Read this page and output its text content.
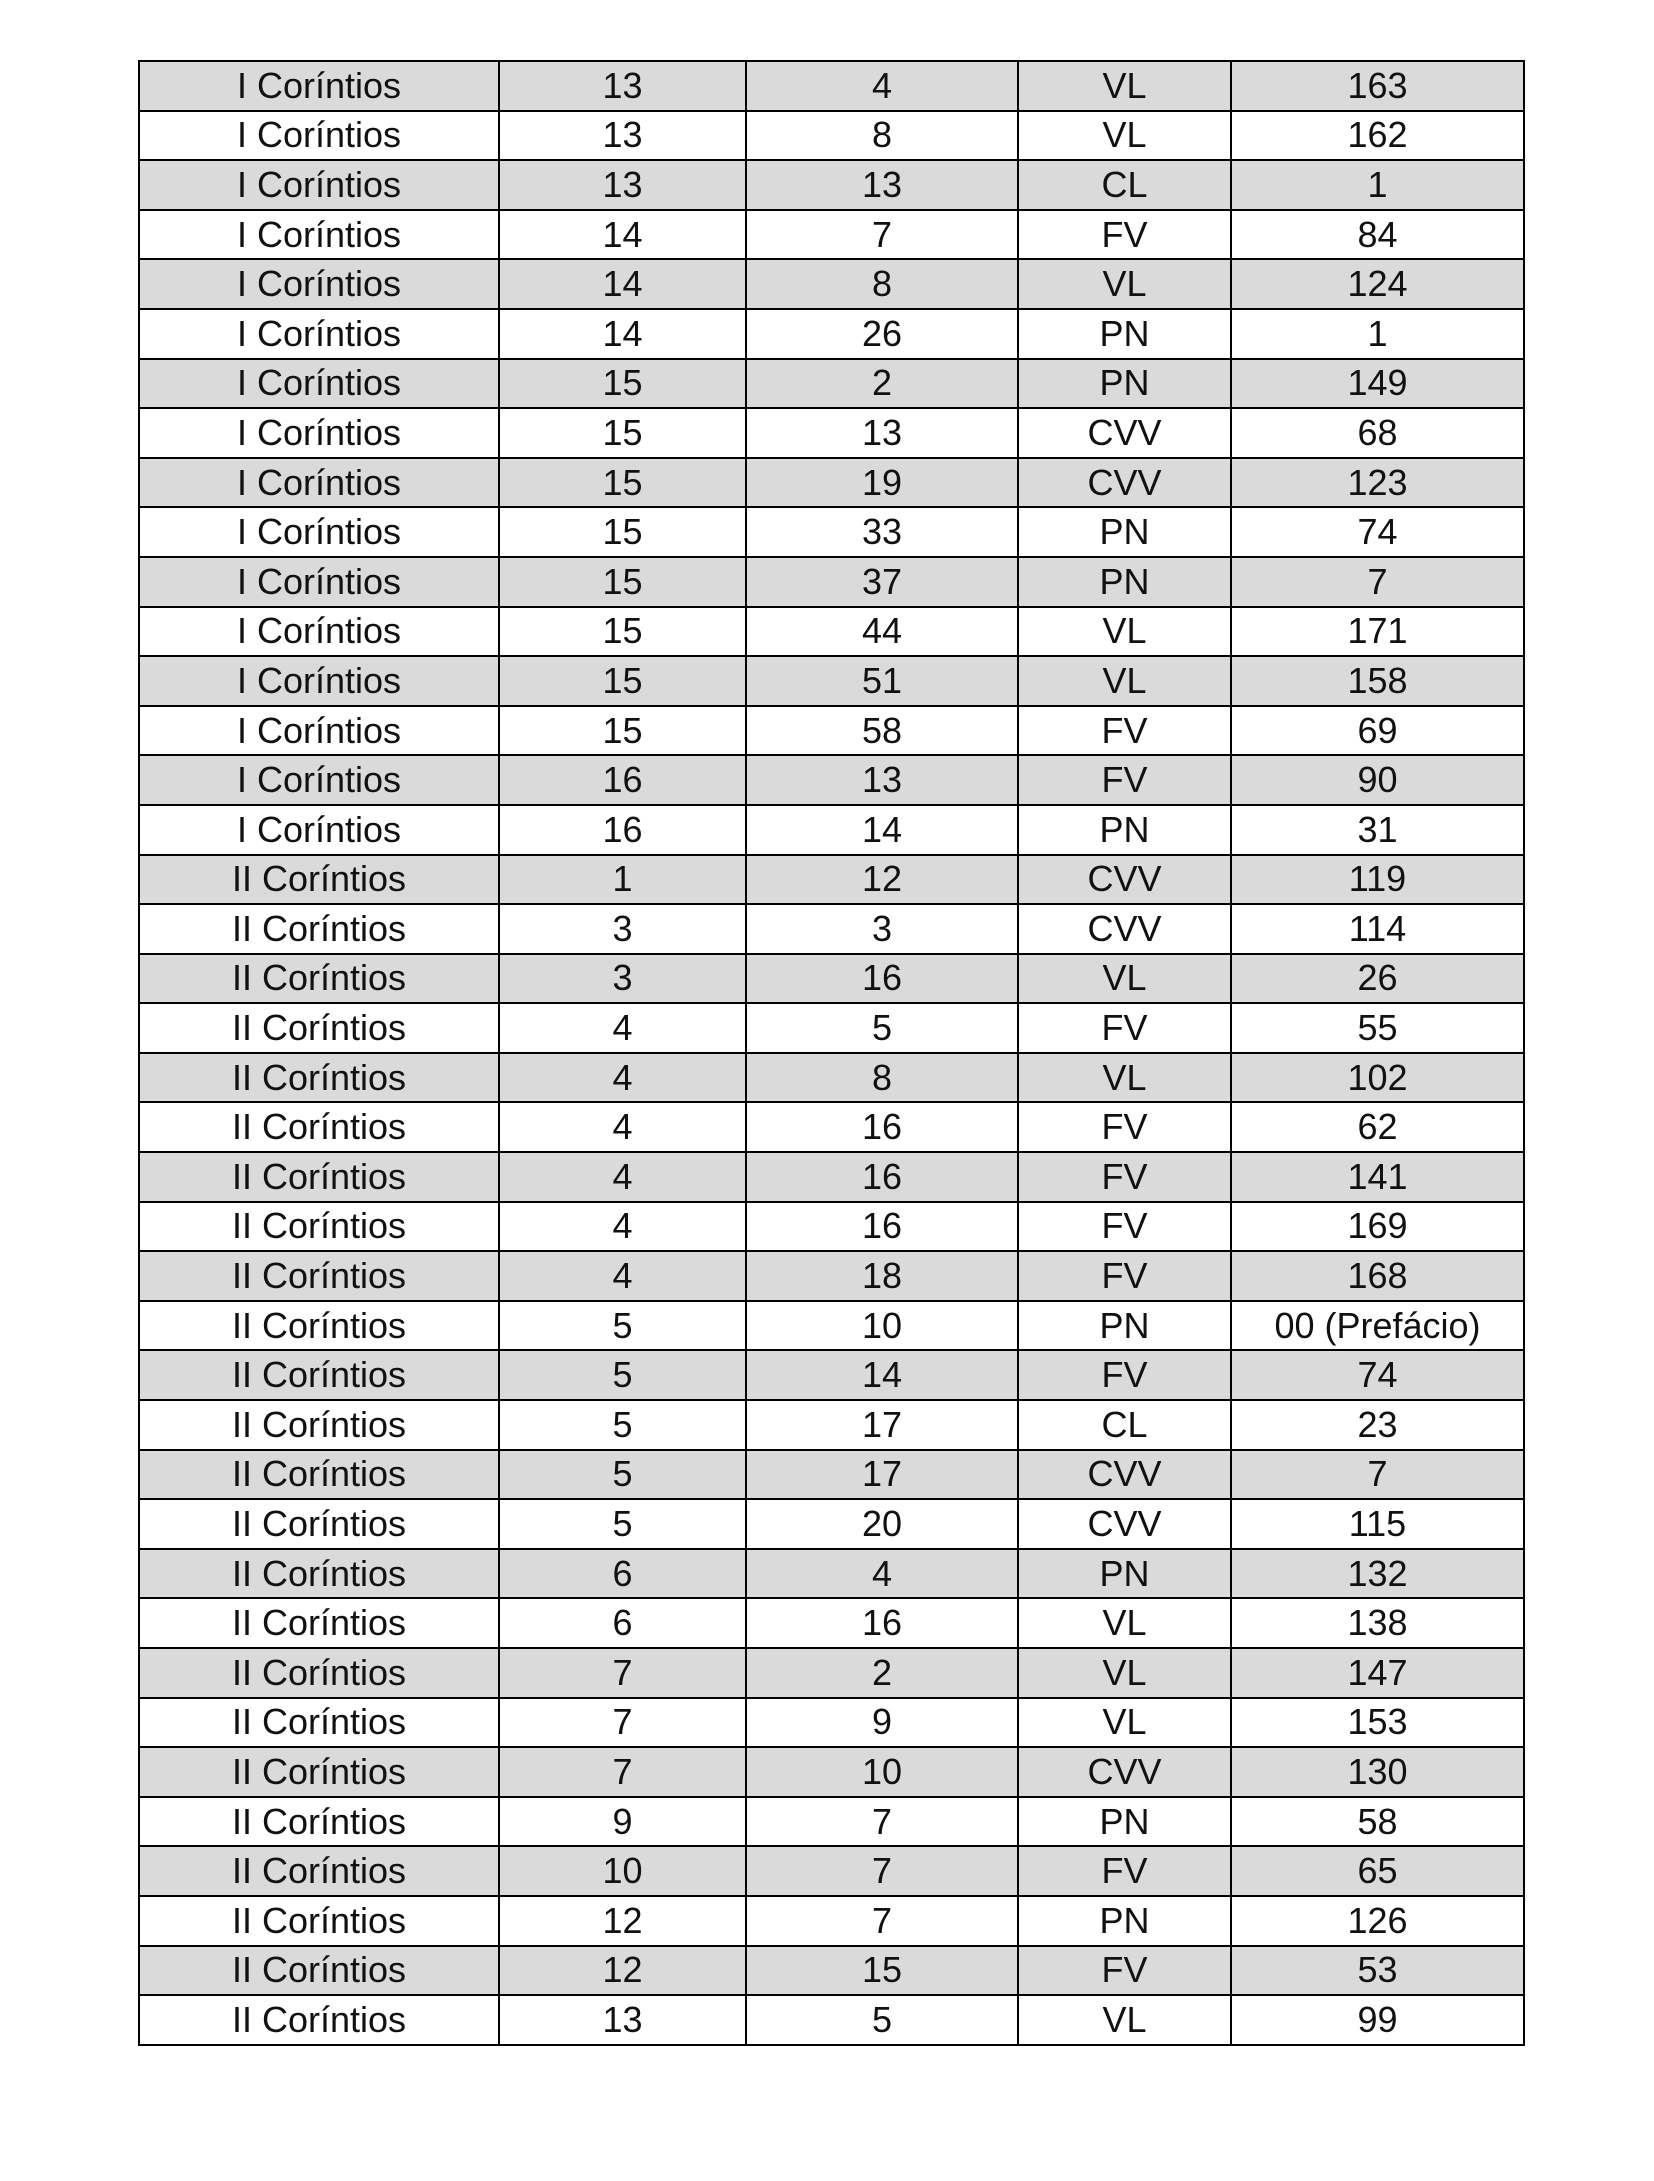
I Coríntios	13	4	VL	163
I Coríntios	13	8	VL	162
I Coríntios	13	13	CL	1
I Coríntios	14	7	FV	84
I Coríntios	14	8	VL	124
I Coríntios	14	26	PN	1
I Coríntios	15	2	PN	149
I Coríntios	15	13	CVV	68
I Coríntios	15	19	CVV	123
I Coríntios	15	33	PN	74
I Coríntios	15	37	PN	7
I Coríntios	15	44	VL	171
I Coríntios	15	51	VL	158
I Coríntios	15	58	FV	69
I Coríntios	16	13	FV	90
I Coríntios	16	14	PN	31
II Coríntios	1	12	CVV	119
II Coríntios	3	3	CVV	114
II Coríntios	3	16	VL	26
II Coríntios	4	5	FV	55
II Coríntios	4	8	VL	102
II Coríntios	4	16	FV	62
II Coríntios	4	16	FV	141
II Coríntios	4	16	FV	169
II Coríntios	4	18	FV	168
II Coríntios	5	10	PN	00 (Prefácio)
II Coríntios	5	14	FV	74
II Coríntios	5	17	CL	23
II Coríntios	5	17	CVV	7
II Coríntios	5	20	CVV	115
II Coríntios	6	4	PN	132
II Coríntios	6	16	VL	138
II Coríntios	7	2	VL	147
II Coríntios	7	9	VL	153
II Coríntios	7	10	CVV	130
II Coríntios	9	7	PN	58
II Coríntios	10	7	FV	65
II Coríntios	12	7	PN	126
II Coríntios	12	15	FV	53
II Coríntios	13	5	VL	99
